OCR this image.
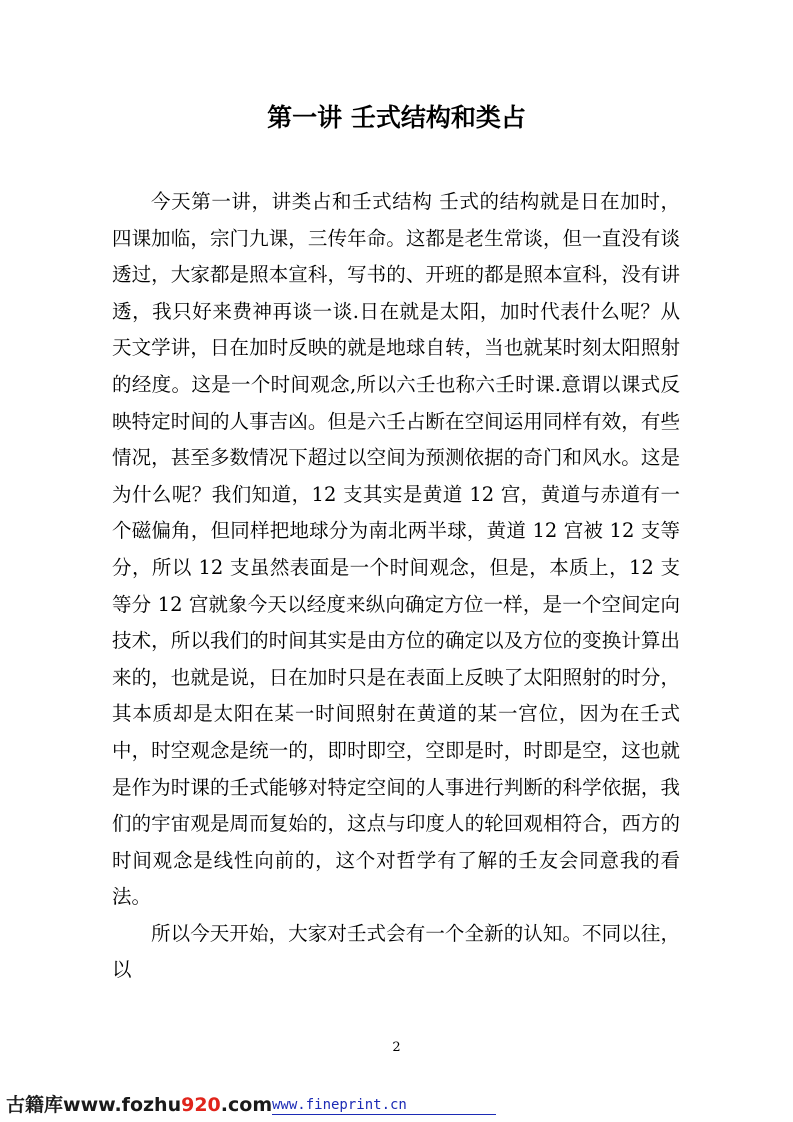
第一讲 壬式结构和类占

今天第一讲，讲类占和壬式结构 壬式的结构就是日在加时，四课加临，宗门九课，三传年命。这都是老生常谈，但一直没有谈透过，大家都是照本宣科，写书的、开班的都是照本宣科，没有讲透，我只好来费神再谈一谈.日在就是太阳，加时代表什么呢？从天文学讲，日在加时反映的就是地球自转，当也就某时刻太阳照射的经度。这是一个时间观念,所以六壬也称六壬时课.意谓以课式反映特定时间的人事吉凶。但是六壬占断在空间运用同样有效，有些情况，甚至多数情况下超过以空间为预测依据的奇门和风水。这是为什么呢？我们知道，12 支其实是黄道 12 宫，黄道与赤道有一个磁偏角，但同样把地球分为南北两半球，黄道 12 宫被 12 支等分，所以 12 支虽然表面是一个时间观念，但是，本质上，12 支等分 12 宫就象今天以经度来纵向确定方位一样，是一个空间定向技术，所以我们的时间其实是由方位的确定以及方位的变换计算出来的，也就是说，日在加时只是在表面上反映了太阳照射的时分，其本质却是太阳在某一时间照射在黄道的某一宫位，因为在壬式中，时空观念是统一的，即时即空，空即是时，时即是空，这也就是作为时课的壬式能够对特定空间的人事进行判断的科学依据，我们的宇宙观是周而复始的，这点与印度人的轮回观相符合，西方的时间观念是线性向前的，这个对哲学有了解的壬友会同意我的看法。

所以今天开始，大家对壬式会有一个全新的认知。不同以往，以

2
古籍库www.fozhu920.com www.fineprint.cn
